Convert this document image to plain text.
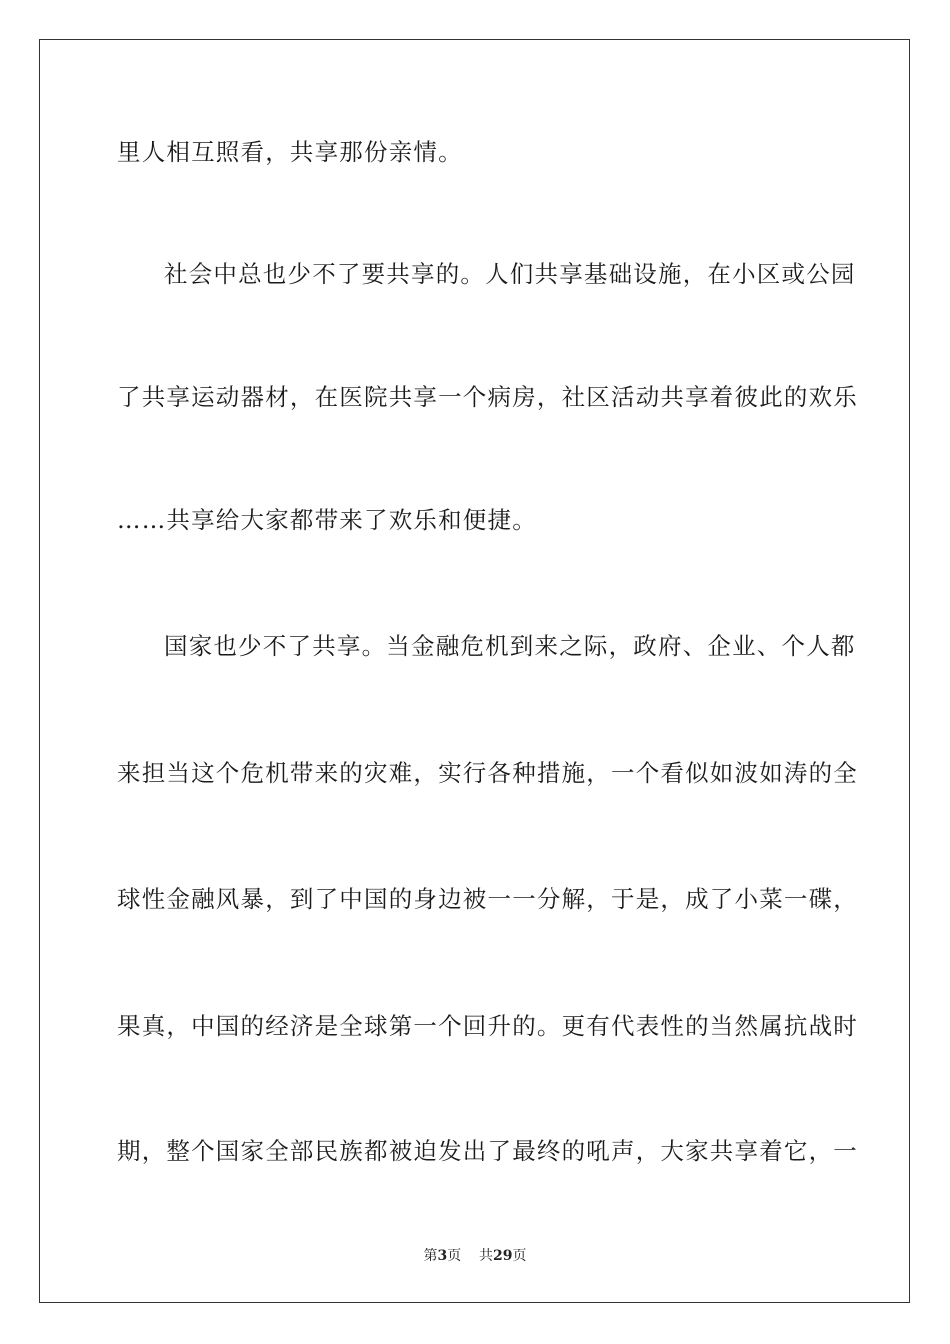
里人相互照看，共享那份亲情。
社会中总也少不了要共享的。人们共享基础设施，在小区或公园
了共享运动器材，在医院共享一个病房，社区活动共享着彼此的欢乐
……共享给大家都带来了欢乐和便捷。
国家也少不了共享。当金融危机到来之际，政府、企业、个人都
来担当这个危机带来的灾难，实行各种措施，一个看似如波如涛的全
球性金融风暴，到了中国的身边被一一分解，于是，成了小菜一碟，
果真，中国的经济是全球第一个回升的。更有代表性的当然属抗战时
期，整个国家全部民族都被迫发出了最终的吼声，大家共享着它，一
第3页 共29页
